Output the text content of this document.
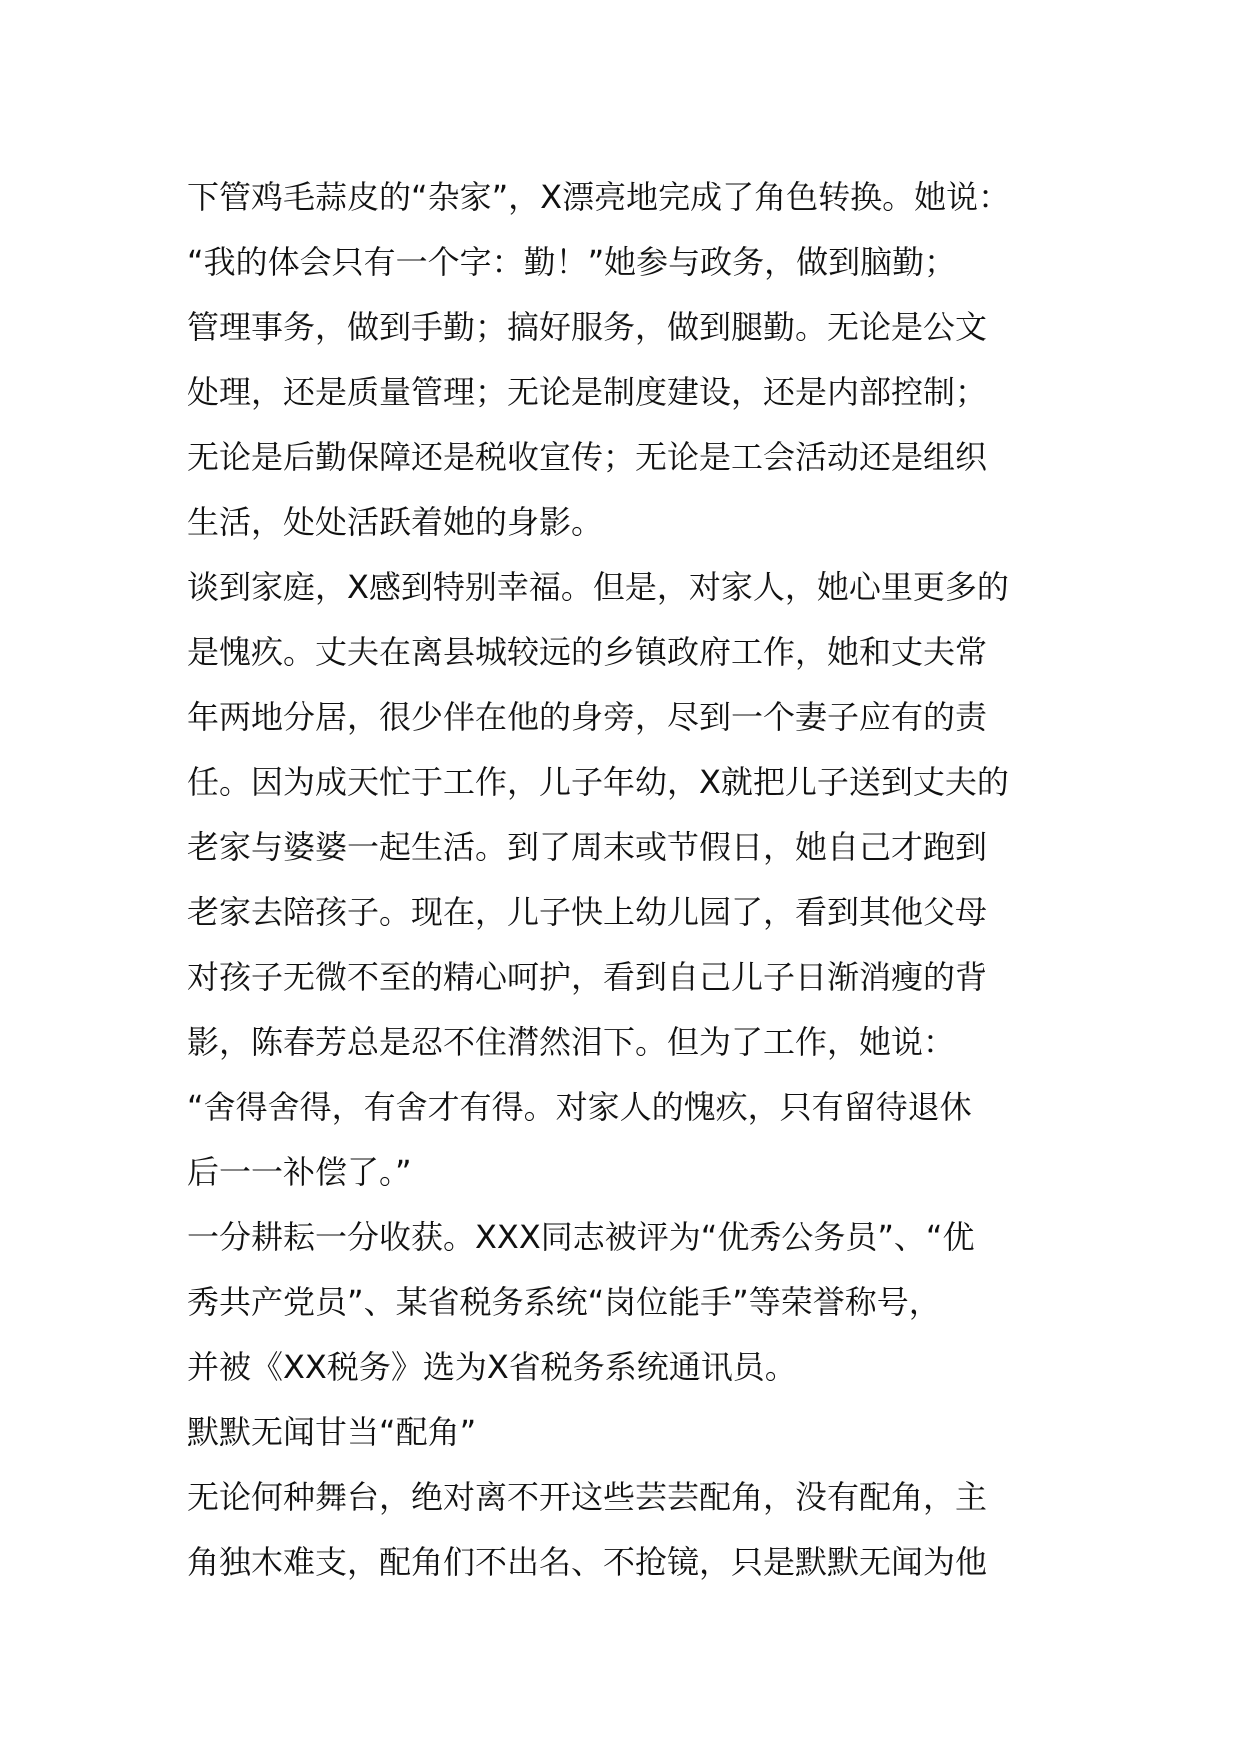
下管鸡毛蒜皮的“杂家”，X漂亮地完成了角色转换。她说：
“我的体会只有一个字：勤！”她参与政务，做到脑勤；
管理事务，做到手勤；搞好服务，做到腿勤。无论是公文
处理，还是质量管理；无论是制度建设，还是内部控制；
无论是后勤保障还是税收宣传；无论是工会活动还是组织
生活，处处活跃着她的身影。
谈到家庭，X感到特别幸福。但是，对家人，她心里更多的
是愧疚。丈夫在离县城较远的乡镇政府工作，她和丈夫常
年两地分居，很少伴在他的身旁，尽到一个妻子应有的责
任。因为成天忙于工作，儿子年幼，X就把儿子送到丈夫的
老家与婆婆一起生活。到了周末或节假日，她自己才跑到
老家去陪孩子。现在，儿子快上幼儿园了，看到其他父母
对孩子无微不至的精心呵护，看到自己儿子日渐消瘦的背
影，陈春芳总是忍不住潸然泪下。但为了工作，她说：
“舍得舍得，有舍才有得。对家人的愧疚，只有留待退休
后一一补偿了。”
一分耕耘一分收获。XXX同志被评为“优秀公务员”、“优
秀共产党员”、某省税务系统“岗位能手”等荣誉称号，
并被《XX税务》选为X省税务系统通讯员。
默默无闻甘当“配角”
无论何种舞台，绝对离不开这些芸芸配角，没有配角，主
角独木难支，配角们不出名、不抢镜，只是默默无闻为他
